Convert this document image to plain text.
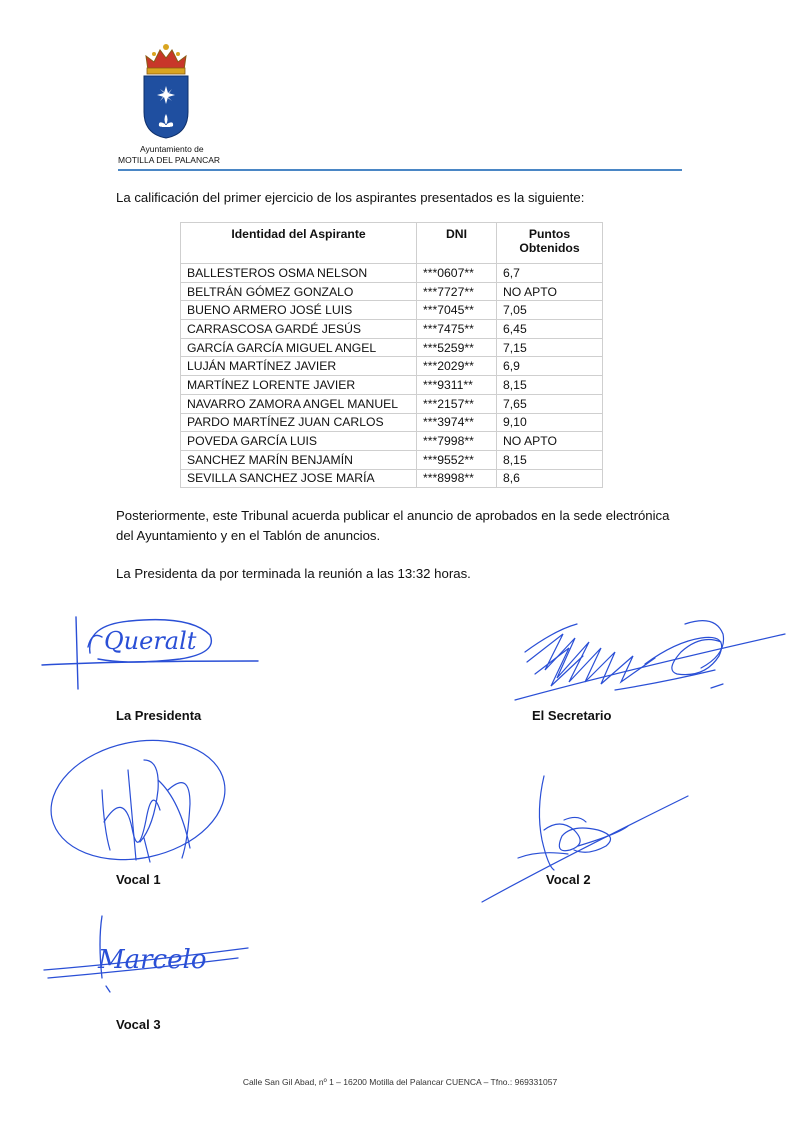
Ayuntamiento de
MOTILLA DEL PALANCAR

La calificación del primer ejercicio de los aspirantes presentados es la siguiente:

Identidad del Aspirante	DNI	Puntos
Obtenidos
BALLESTEROS OSMA NELSON	***0607**	6,7
BELTRÁN GÓMEZ GONZALO	***7727**	NO APTO
BUENO ARMERO JOSÉ LUIS	***7045**	7,05
CARRASCOSA GARDÉ JESÚS	***7475**	6,45
GARCÍA GARCÍA MIGUEL ANGEL	***5259**	7,15
LUJÁN MARTÍNEZ JAVIER	***2029**	6,9
MARTÍNEZ LORENTE JAVIER	***9311**	8,15
NAVARRO ZAMORA ANGEL MANUEL	***2157**	7,65
PARDO MARTÍNEZ JUAN CARLOS	***3974**	9,10
POVEDA GARCÍA LUIS	***7998**	NO APTO
SANCHEZ MARÍN BENJAMÍN	***9552**	8,15
SEVILLA SANCHEZ JOSE MARÍA	***8998**	8,6

Posteriormente, este Tribunal acuerda publicar el anuncio de aprobados en la sede electrónica
del Ayuntamiento y en el Tablón de anuncios.

La Presidenta da por terminada la reunión a las 13:32 horas.

Queralt
La Presidenta	El Secretario
Vocal 1	Vocal 2
Marcelo
Vocal 3
Calle San Gil Abad, nº 1 – 16200 Motilla del Palancar CUENCA – Tfno.: 969331057
